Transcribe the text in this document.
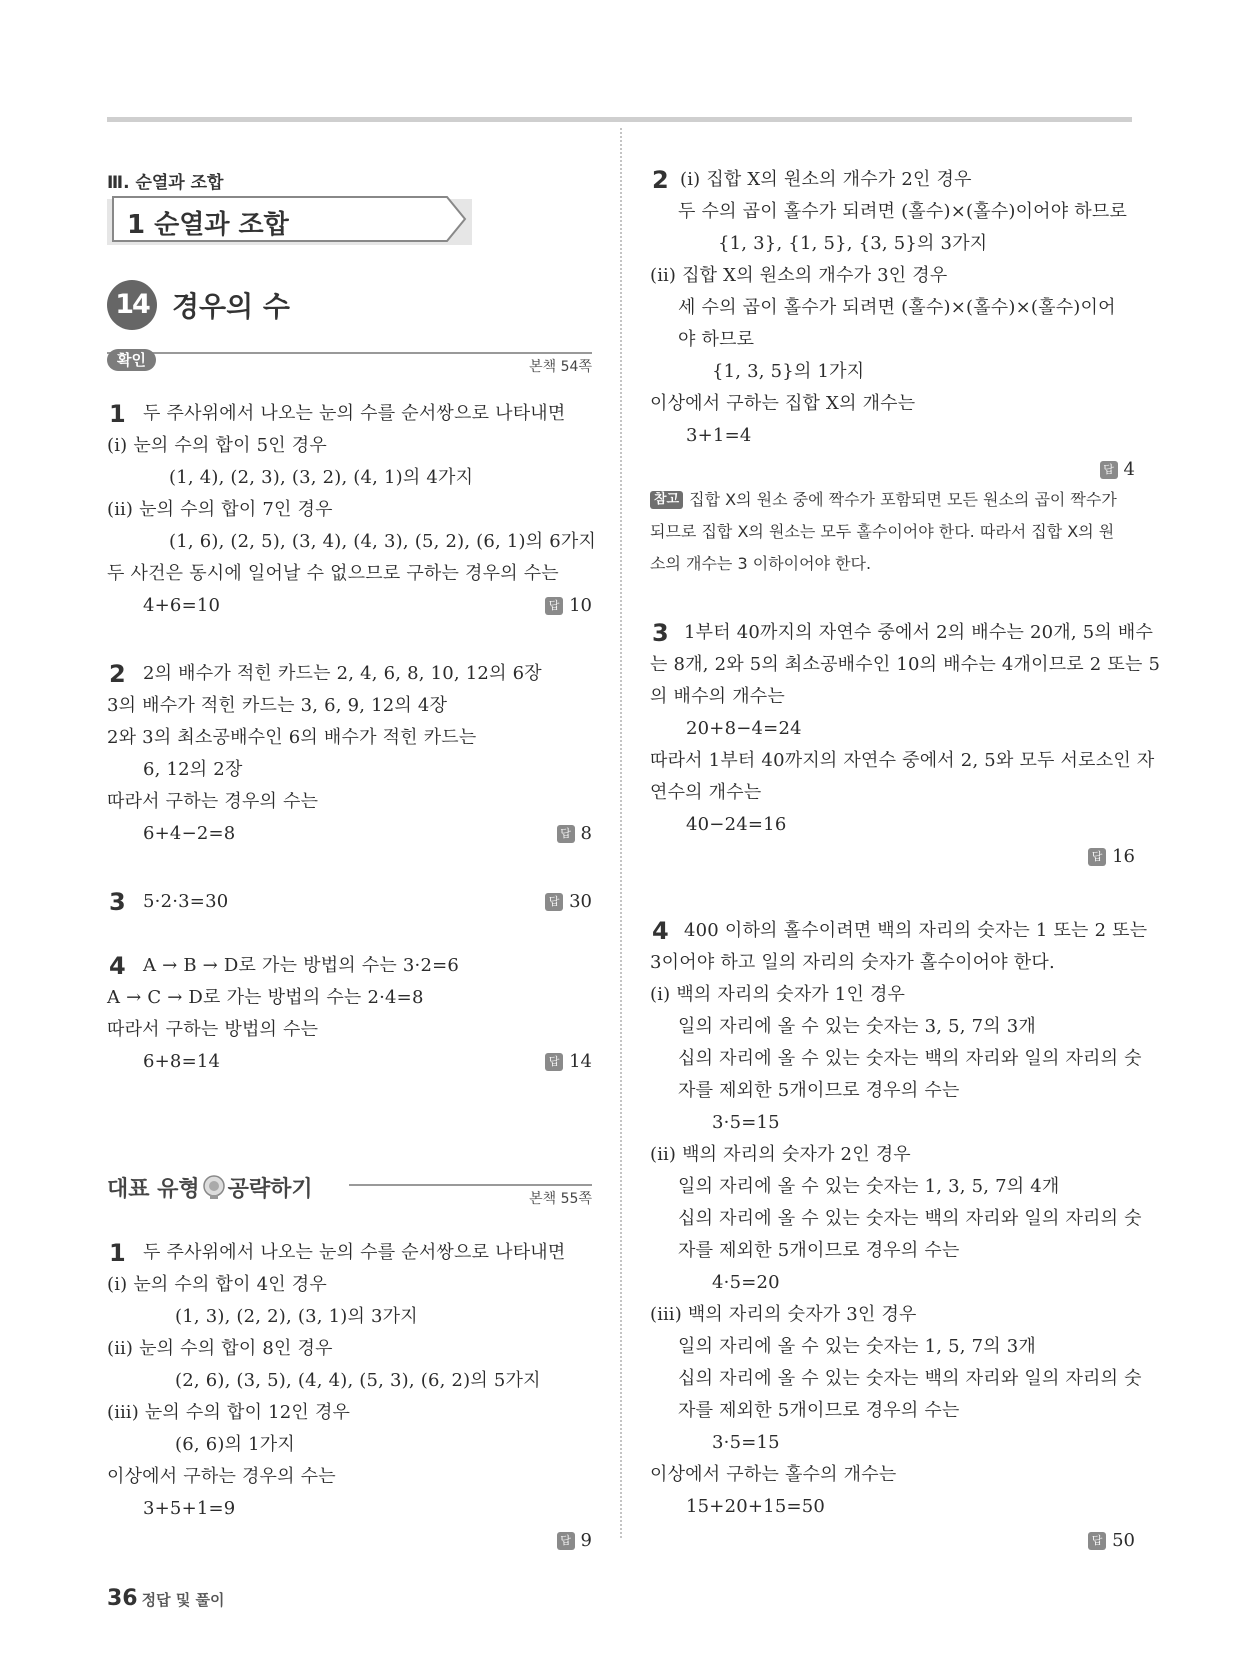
Ⅲ. 순열과 조합
1 순열과 조합
14 경우의 수
확인	본책 54쪽
1 두 주사위에서 나오는 눈의 수를 순서쌍으로 나타내면
(ⅰ) 눈의 수의 합이 5인 경우
(1, 4), (2, 3), (3, 2), (4, 1)의 4가지
(ⅱ) 눈의 수의 합이 7인 경우
(1, 6), (2, 5), (3, 4), (4, 3), (5, 2), (6, 1)의 6가지
두 사건은 동시에 일어날 수 없으므로 구하는 경우의 수는
4+6=10	답 10
2 2의 배수가 적힌 카드는 2, 4, 6, 8, 10, 12의 6장
3의 배수가 적힌 카드는 3, 6, 9, 12의 4장
2와 3의 최소공배수인 6의 배수가 적힌 카드는
6, 12의 2장
따라서 구하는 경우의 수는
6+4−2=8	답 8
3 5·2·3=30	답 30
4 A → B → D로 가는 방법의 수는 3·2=6
A → C → D로 가는 방법의 수는 2·4=8
따라서 구하는 방법의 수는
6+8=14	답 14
대표 유형 공략하기	본책 55쪽
1 두 주사위에서 나오는 눈의 수를 순서쌍으로 나타내면
(ⅰ) 눈의 수의 합이 4인 경우
(1, 3), (2, 2), (3, 1)의 3가지
(ⅱ) 눈의 수의 합이 8인 경우
(2, 6), (3, 5), (4, 4), (5, 3), (6, 2)의 5가지
(ⅲ) 눈의 수의 합이 12인 경우
(6, 6)의 1가지
이상에서 구하는 경우의 수는
3+5+1=9
답 9
2 (ⅰ) 집합 X의 원소의 개수가 2인 경우
두 수의 곱이 홀수가 되려면 (홀수)×(홀수)이어야 하므로
{1, 3}, {1, 5}, {3, 5}의 3가지
(ⅱ) 집합 X의 원소의 개수가 3인 경우
세 수의 곱이 홀수가 되려면 (홀수)×(홀수)×(홀수)이어
야 하므로
{1, 3, 5}의 1가지
이상에서 구하는 집합 X의 개수는
3+1=4
답 4
참고 집합 X의 원소 중에 짝수가 포함되면 모든 원소의 곱이 짝수가
되므로 집합 X의 원소는 모두 홀수이어야 한다. 따라서 집합 X의 원
소의 개수는 3 이하이어야 한다.
3 1부터 40까지의 자연수 중에서 2의 배수는 20개, 5의 배수
는 8개, 2와 5의 최소공배수인 10의 배수는 4개이므로 2 또는 5
의 배수의 개수는
20+8−4=24
따라서 1부터 40까지의 자연수 중에서 2, 5와 모두 서로소인 자
연수의 개수는
40−24=16
답 16
4 400 이하의 홀수이려면 백의 자리의 숫자는 1 또는 2 또는
3이어야 하고 일의 자리의 숫자가 홀수이어야 한다.
(ⅰ) 백의 자리의 숫자가 1인 경우
일의 자리에 올 수 있는 숫자는 3, 5, 7의 3개
십의 자리에 올 수 있는 숫자는 백의 자리와 일의 자리의 숫
자를 제외한 5개이므로 경우의 수는
3·5=15
(ⅱ) 백의 자리의 숫자가 2인 경우
일의 자리에 올 수 있는 숫자는 1, 3, 5, 7의 4개
십의 자리에 올 수 있는 숫자는 백의 자리와 일의 자리의 숫
자를 제외한 5개이므로 경우의 수는
4·5=20
(ⅲ) 백의 자리의 숫자가 3인 경우
일의 자리에 올 수 있는 숫자는 1, 5, 7의 3개
십의 자리에 올 수 있는 숫자는 백의 자리와 일의 자리의 숫
자를 제외한 5개이므로 경우의 수는
3·5=15
이상에서 구하는 홀수의 개수는
15+20+15=50
답 50
36 정답 및 풀이
